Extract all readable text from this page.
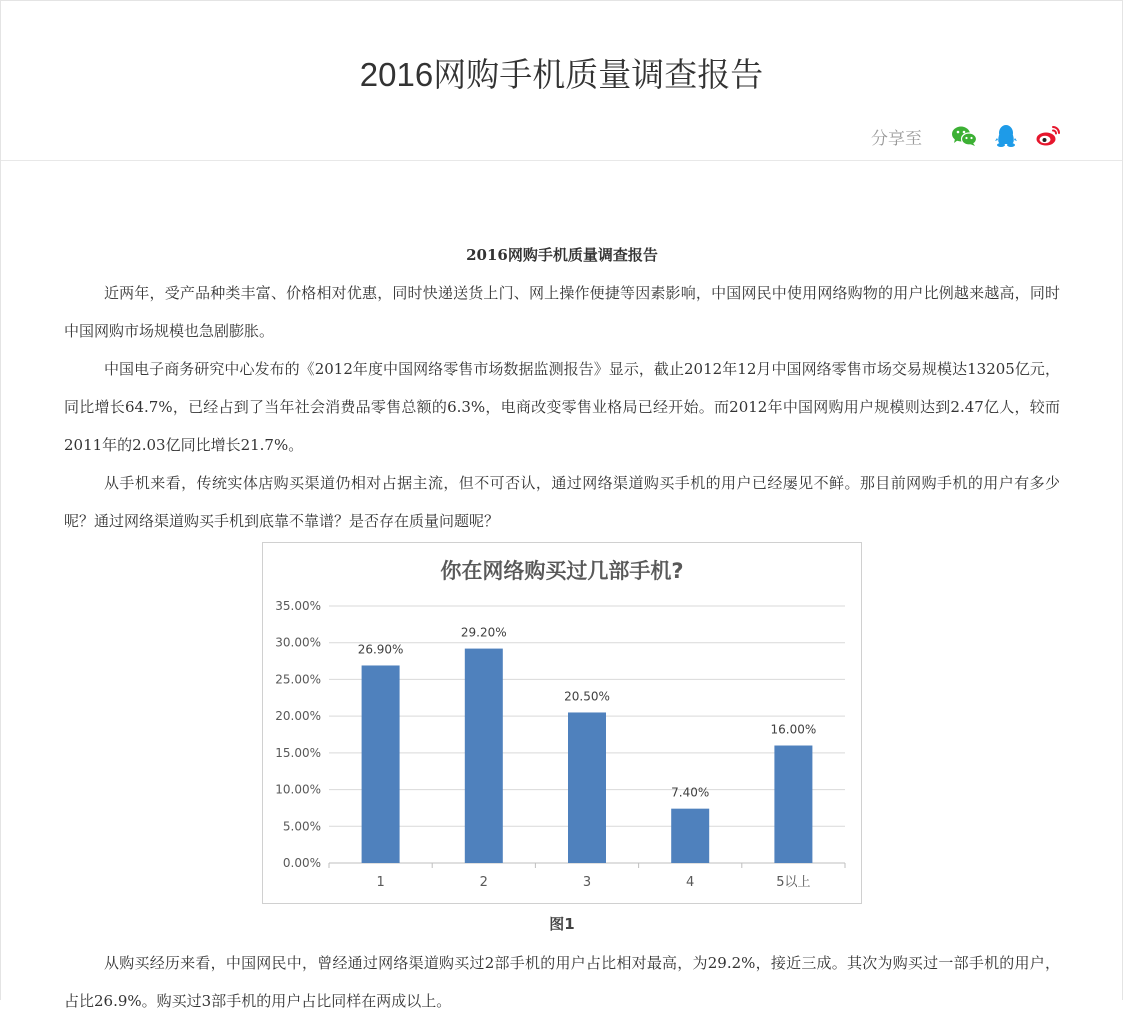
2016网购手机质量调查报告
分享至
2016网购手机质量调查报告

近两年，受产品种类丰富、价格相对优惠，同时快递送货上门、网上操作便捷等因素影响，中国网民中使用网络购物的用户比例越来越高，同时中国网购市场规模也急剧膨胀。

中国电子商务研究中心发布的《2012年度中国网络零售市场数据监测报告》显示，截止2012年12月中国网络零售市场交易规模达13205亿元，同比增长64.7%，已经占到了当年社会消费品零售总额的6.3%，电商改变零售业格局已经开始。而2012年中国网购用户规模则达到2.47亿人，较而2011年的2.03亿同比增长21.7%。

从手机来看，传统实体店购买渠道仍相对占据主流，但不可否认，通过网络渠道购买手机的用户已经屡见不鲜。那目前网购手机的用户有多少呢？通过网络渠道购买手机到底靠不靠谱？是否存在质量问题呢？

你在网络购买过几部手机?
0.00%
5.00%
10.00%
15.00%
20.00%
25.00%
30.00%
35.00%
26.90%
1
29.20%
2
20.50%
3
7.40%
4
16.00%
5以上
图1

从购买经历来看，中国网民中，曾经通过网络渠道购买过2部手机的用户占比相对最高，为29.2%，接近三成。其次为购买过一部手机的用户，占比26.9%。购买过3部手机的用户占比同样在两成以上。
